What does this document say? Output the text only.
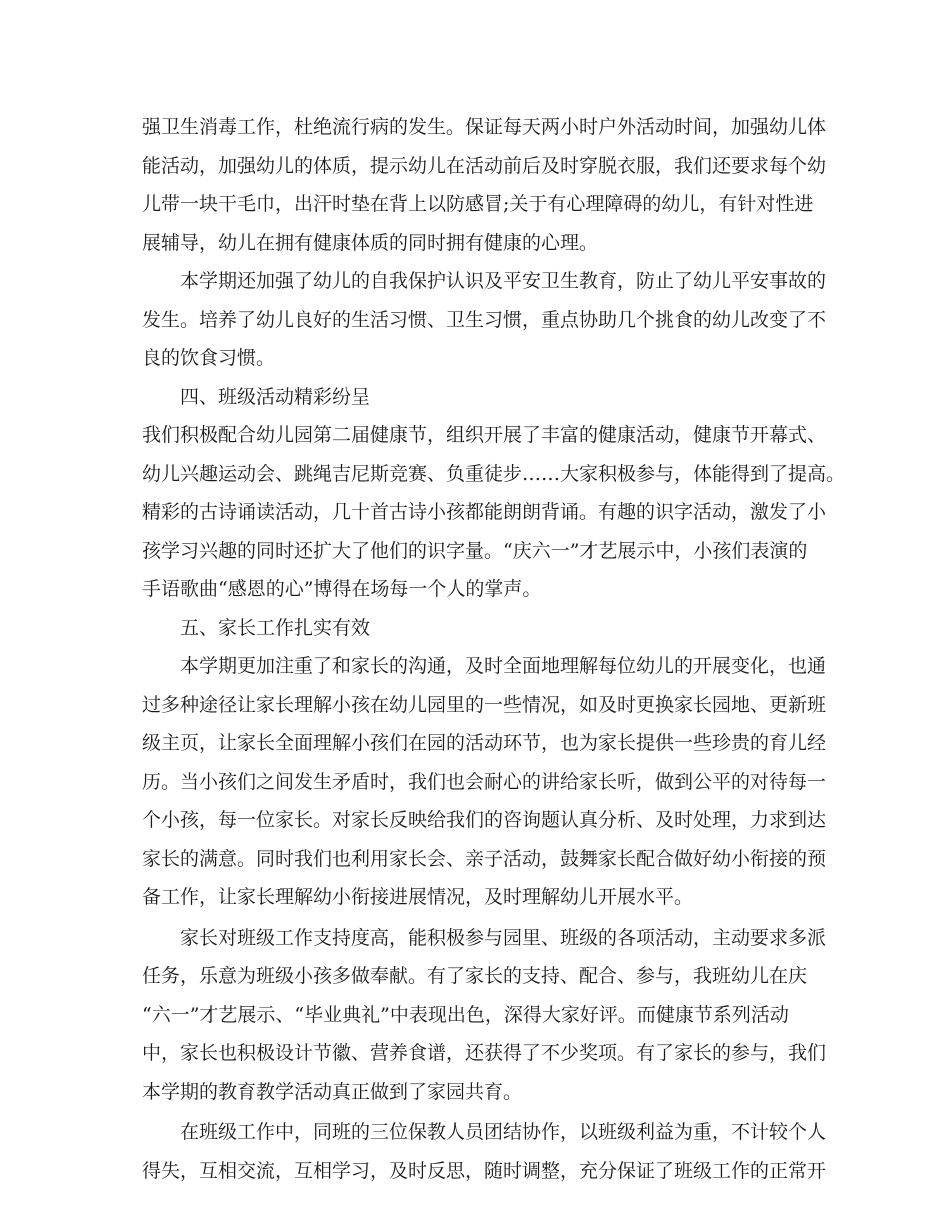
强卫生消毒工作，杜绝流行病的发生。保证每天两小时户外活动时间，加强幼儿体
能活动，加强幼儿的体质，提示幼儿在活动前后及时穿脱衣服，我们还要求每个幼
儿带一块干毛巾，出汗时垫在背上以防感冒;关于有心理障碍的幼儿，有针对性进
展辅导，幼儿在拥有健康体质的同时拥有健康的心理。

本学期还加强了幼儿的自我保护认识及平安卫生教育，防止了幼儿平安事故的
发生。培养了幼儿良好的生活习惯、卫生习惯，重点协助几个挑食的幼儿改变了不
良的饮食习惯。

四、班级活动精彩纷呈

我们积极配合幼儿园第二届健康节，组织开展了丰富的健康活动，健康节开幕式、
幼儿兴趣运动会、跳绳吉尼斯竞赛、负重徒步……大家积极参与，体能得到了提高。
精彩的古诗诵读活动，几十首古诗小孩都能朗朗背诵。有趣的识字活动，激发了小
孩学习兴趣的同时还扩大了他们的识字量。“庆六一”才艺展示中，小孩们表演的
手语歌曲“感恩的心”博得在场每一个人的掌声。

五、家长工作扎实有效

本学期更加注重了和家长的沟通，及时全面地理解每位幼儿的开展变化，也通
过多种途径让家长理解小孩在幼儿园里的一些情况，如及时更换家长园地、更新班
级主页，让家长全面理解小孩们在园的活动环节，也为家长提供一些珍贵的育儿经
历。当小孩们之间发生矛盾时，我们也会耐心的讲给家长听，做到公平的对待每一
个小孩，每一位家长。对家长反映给我们的咨询题认真分析、及时处理，力求到达
家长的满意。同时我们也利用家长会、亲子活动，鼓舞家长配合做好幼小衔接的预
备工作，让家长理解幼小衔接进展情况，及时理解幼儿开展水平。

家长对班级工作支持度高，能积极参与园里、班级的各项活动，主动要求多派
任务，乐意为班级小孩多做奉献。有了家长的支持、配合、参与，我班幼儿在庆
“六一”才艺展示、“毕业典礼”中表现出色，深得大家好评。而健康节系列活动
中，家长也积极设计节徽、营养食谱，还获得了不少奖项。有了家长的参与，我们
本学期的教育教学活动真正做到了家园共育。

在班级工作中，同班的三位保教人员团结协作，以班级利益为重，不计较个人
得失，互相交流，互相学习，及时反思，随时调整，充分保证了班级工作的正常开
